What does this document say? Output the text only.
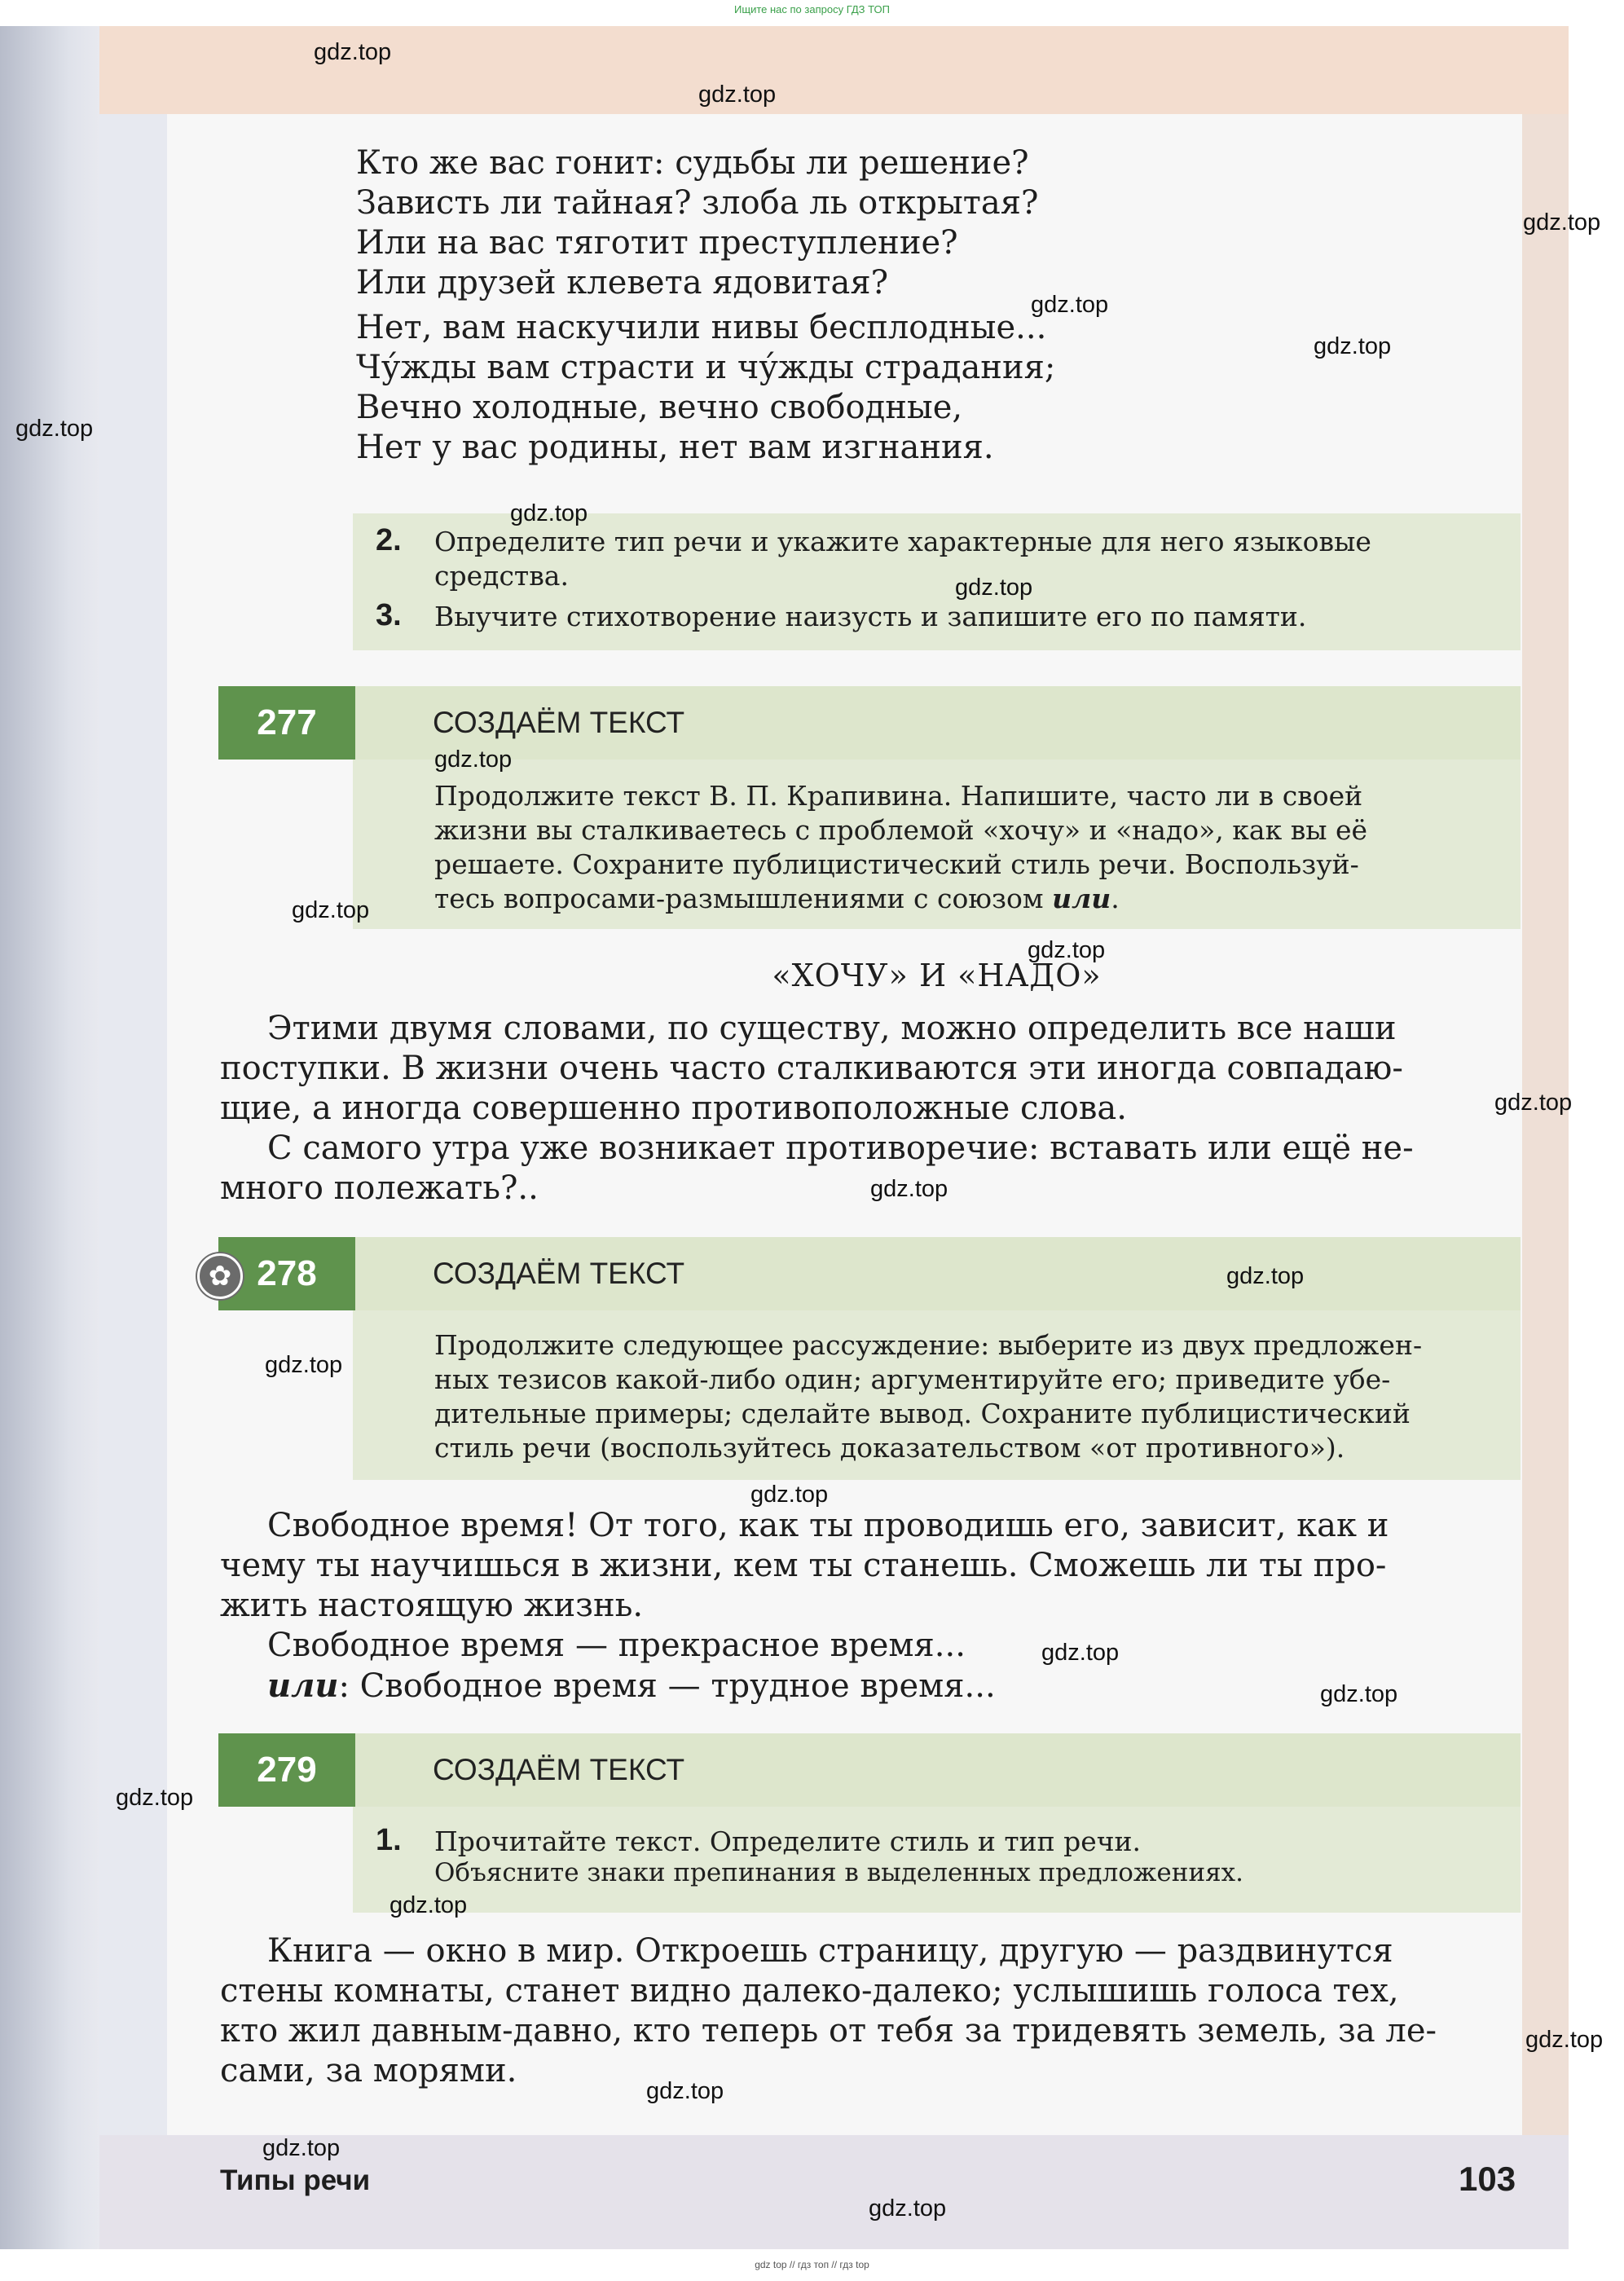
Ищите нас по запросу ГДЗ ТОП
Кто же вас гонит: судьбы ли решение?
Зависть ли тайная? злоба ль открытая?
Или на вас тяготит преступление?
Или друзей клевета ядовитая?
Нет, вам наскучили нивы бесплодные...
Чу́жды вам страсти и чу́жды страдания;
Вечно холодные, вечно свободные,
Нет у вас родины, нет вам изгнания.
2. Определите тип речи и укажите характерные для него языковые
средства.
3. Выучите стихотворение наизусть и запишите его по памяти.
277	СОЗДАЁМ ТЕКСТ
Продолжите текст В. П. Крапивина. Напишите, часто ли в своей
жизни вы сталкиваетесь с проблемой «хочу» и «надо», как вы её
решаете. Сохраните публицистический стиль речи. Воспользуй-
тесь вопросами-размышлениями с союзом или.
«ХОЧУ» И «НАДО»
Этими двумя словами, по существу, можно определить все наши
поступки. В жизни очень часто сталкиваются эти иногда совпадаю-
щие, а иногда совершенно противоположные слова.
С самого утра уже возникает противоречие: вставать или ещё не-
много полежать?..
278	СОЗДАЁМ ТЕКСТ
✿
Продолжите следующее рассуждение: выберите из двух предложен-
ных тезисов какой-либо один; аргументируйте его; приведите убе-
дительные примеры; сделайте вывод. Сохраните публицистический
стиль речи (воспользуйтесь доказательством «от противного»).
Свободное время! От того, как ты проводишь его, зависит, как и
чему ты научишься в жизни, кем ты станешь. Сможешь ли ты про-
жить настоящую жизнь.
Свободное время — прекрасное время...
или: Свободное время — трудное время...
279	СОЗДАЁМ ТЕКСТ
1. Прочитайте текст. Определите стиль и тип речи.
Объясните знаки препинания в выделенных предложениях.
Книга — окно в мир. Откроешь страницу, другую — раздвинутся
стены комнаты, станет видно далеко-далеко; услышишь голоса тех,
кто жил давным-давно, кто теперь от тебя за тридевять земель, за ле-
сами, за морями.
Типы речи	103
gdz.top
gdz.top
gdz.top
gdz.top
gdz.top
gdz.top
gdz.top
gdz.top
gdz.top
gdz.top
gdz.top
gdz.top
gdz.top
gdz.top
gdz.top
gdz.top
gdz.top
gdz.top
gdz.top
gdz.top
gdz.top
gdz.top
gdz.top
gdz.top
gdz top // гдз топ // гдз top
